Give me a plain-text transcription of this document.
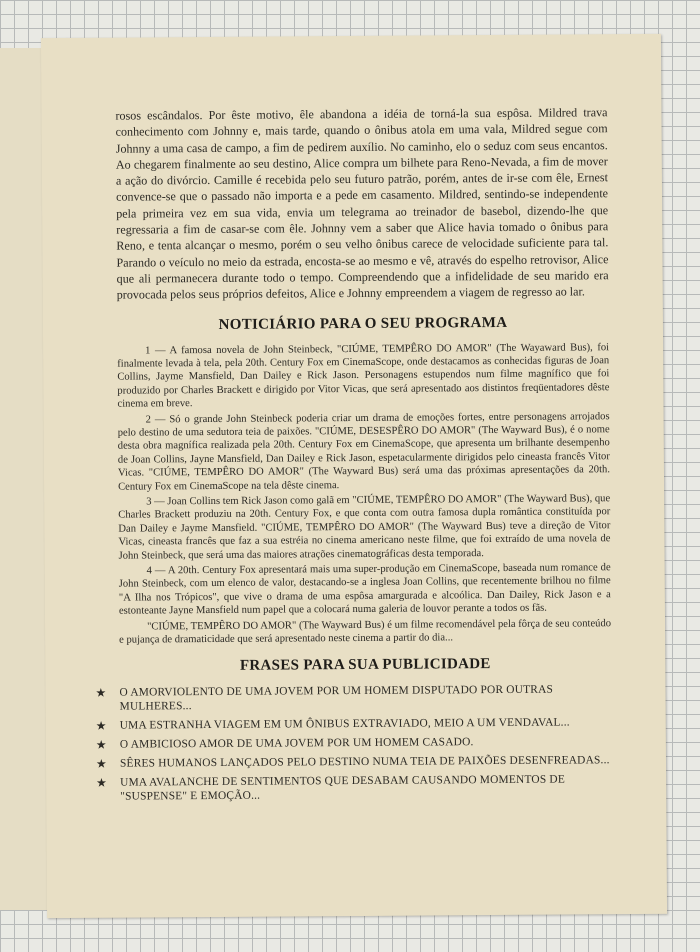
rosos escândalos. Por êste motivo, êle abandona a idéia de torná-la sua espôsa. Mildred trava conhecimento com Johnny e, mais tarde, quando o ônibus atola em uma vala, Mildred segue com Johnny a uma casa de campo, a fim de pedirem auxílio. No caminho, elo o seduz com seus encantos. Ao chegarem finalmente ao seu destino, Alice compra um bilhete para Reno-Nevada, a fim de mover a ação do divórcio. Camille é recebida pelo seu futuro patrão, porém, antes de ir-se com êle, Ernest convence-se que o passado não importa e a pede em casamento. Mildred, sentindo-se independente pela primeira vez em sua vida, envia um telegrama ao treinador de basebol, dizendo-lhe que regressaria a fim de casar-se com êle. Johnny vem a saber que Alice havia tomado o ônibus para Reno, e tenta alcançar o mesmo, porém o seu velho ônibus carece de velocidade suficiente para tal. Parando o veículo no meio da estrada, encosta-se ao mesmo e vê, através do espelho retrovisor, Alice que ali permanecera durante todo o tempo. Compreendendo que a infidelidade de seu marido era provocada pelos seus próprios defeitos, Alice e Johnny empreendem a viagem de regresso ao lar.

NOTICIÁRIO PARA O SEU PROGRAMA

1 — A famosa novela de John Steinbeck, "CIÚME, TEMPÊRO DO AMOR" (The Wayaward Bus), foi finalmente levada à tela, pela 20th. Century Fox em CinemaScope, onde destacamos as conhecidas figuras de Joan Collins, Jayme Mansfield, Dan Dailey e Rick Jason. Personagens estupendos num filme magnífico que foi produzido por Charles Brackett e dirigido por Vitor Vicas, que será apresentado aos distintos freqüentadores dêste cinema em breve.

2 — Só o grande John Steinbeck poderia criar um drama de emoções fortes, entre personagens arrojados pelo destino de uma sedutora teia de paixões. "CIÚME, DESESPÊRO DO AMOR" (The Wayward Bus), é o nome desta obra magnífica realizada pela 20th. Century Fox em CinemaScope, que apresenta um brilhante desempenho de Joan Collins, Jayne Mansfield, Dan Dailey e Rick Jason, espetacularmente dirigidos pelo cineasta francês Vitor Vicas. "CIÚME, TEMPÊRO DO AMOR" (The Wayward Bus) será uma das próximas apresentações da 20th. Century Fox em CinemaScope na tela dêste cinema.

3 — Joan Collins tem Rick Jason como galã em "CIÚME, TEMPÊRO DO AMOR" (The Wayward Bus), que Charles Brackett produziu na 20th. Century Fox, e que conta com outra famosa dupla romântica constituída por Dan Dailey e Jayme Mansfield. "CIÚME, TEMPÊRO DO AMOR" (The Wayward Bus) teve a direção de Vitor Vicas, cineasta francês que faz a sua estréia no cinema americano neste filme, que foi extraído de uma novela de John Steinbeck, que será uma das maiores atrações cinematográficas desta temporada.

4 — A 20th. Century Fox apresentará mais uma super-produção em CinemaScope, baseada num romance de John Steinbeck, com um elenco de valor, destacando-se a inglesa Joan Collins, que recentemente brilhou no filme "A Ilha nos Trópicos", que vive o drama de uma espôsa amargurada e alcoólica. Dan Dailey, Rick Jason e a estonteante Jayne Mansfield num papel que a colocará numa galeria de louvor perante a todos os fãs.

"CIÚME, TEMPÊRO DO AMOR" (The Wayward Bus) é um filme recomendável pela fôrça de seu conteúdo e pujança de dramaticidade que será apresentado neste cinema a partir do dia...

FRASES PARA SUA PUBLICIDADE
★	O AMORVIOLENTO DE UMA JOVEM POR UM HOMEM DISPUTADO POR OUTRAS MULHERES...
★	UMA ESTRANHA VIAGEM EM UM ÔNIBUS EXTRAVIADO, MEIO A UM VENDAVAL...
★	O AMBICIOSO AMOR DE UMA JOVEM POR UM HOMEM CASADO.
★	SÊRES HUMANOS LANÇADOS PELO DESTINO NUMA TEIA DE PAIXÕES DESENFREADAS...
★	UMA AVALANCHE DE SENTIMENTOS QUE DESABAM CAUSANDO MOMENTOS DE "SUSPENSE" E EMOÇÃO...
